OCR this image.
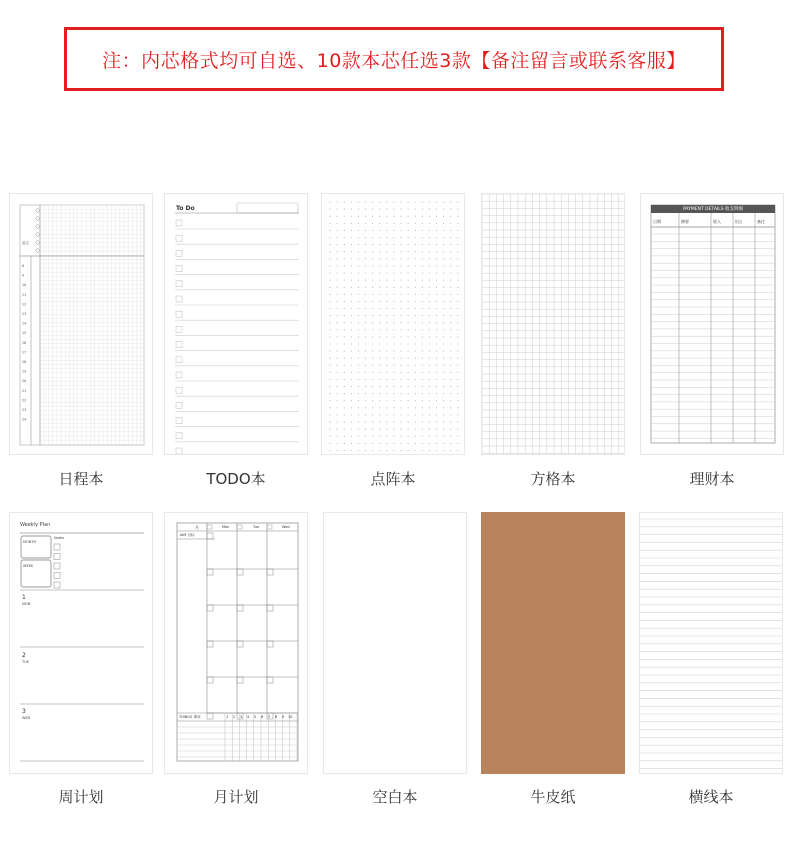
注：内芯格式均可自选、10款本芯任选3款【备注留言或联系客服】
8
9
10
11
12
13
14
15
16
17
18
19
20
21
22
23
24
备忘
日程本
To Do
TODO本	点阵本	方格本
PAYMENT DETAILS 收支明细
日期	摘要	收入	支出	备注
理财本
Weekly Plan
MONTH
WEEK
Notes
1
MON
2
TUE
3
WED
周计划
月
AIM 目标
Mon	Tue	Wed
THINGS 事项	1 2 3 4 5 6 7 8 9 10
月计划	空白本	牛皮纸	横线本
